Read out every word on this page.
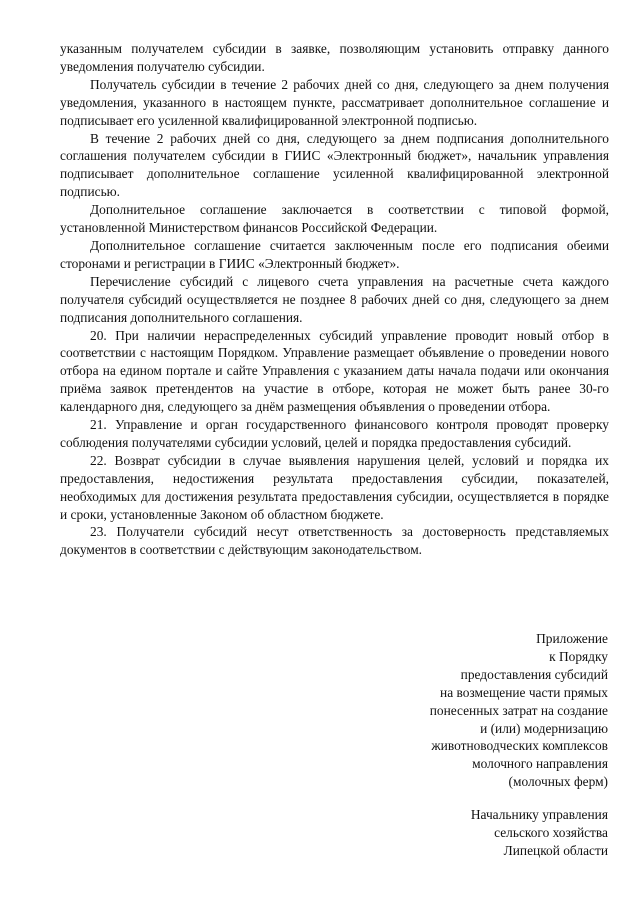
указанным получателем субсидии в заявке, позволяющим установить отправку данного уведомления получателю субсидии.

Получатель субсидии в течение 2 рабочих дней со дня, следующего за днем получения уведомления, указанного в настоящем пункте, рассматривает дополнительное соглашение и подписывает его усиленной квалифицированной электронной подписью.

В течение 2 рабочих дней со дня, следующего за днем подписания дополнительного соглашения получателем субсидии в ГИИС «Электронный бюджет», начальник управления подписывает дополнительное соглашение усиленной квалифицированной электронной подписью.

Дополнительное соглашение заключается в соответствии с типовой формой, установленной Министерством финансов Российской Федерации.

Дополнительное соглашение считается заключенным после его подписания обеими сторонами и регистрации в ГИИС «Электронный бюджет».

Перечисление субсидий с лицевого счета управления на расчетные счета каждого получателя субсидий осуществляется не позднее 8 рабочих дней со дня, следующего за днем подписания дополнительного соглашения.

20. При наличии нераспределенных субсидий управление проводит новый отбор в соответствии с настоящим Порядком. Управление размещает объявление о проведении нового отбора на едином портале и сайте Управления с указанием даты начала подачи или окончания приёма заявок претендентов на участие в отборе, которая не может быть ранее 30-го календарного дня, следующего за днём размещения объявления о проведении отбора.

21. Управление и орган государственного финансового контроля проводят проверку соблюдения получателями субсидии условий, целей и порядка предоставления субсидий.

22. Возврат субсидии в случае выявления нарушения целей, условий и порядка их предоставления, недостижения результата предоставления субсидии, показателей, необходимых для достижения результата предоставления субсидии, осуществляется в порядке и сроки, установленные Законом об областном бюджете.

23. Получатели субсидий несут ответственность за достоверность представляемых документов в соответствии с действующим законодательством.

Приложение
к Порядку
предоставления субсидий
на возмещение части прямых
понесенных затрат на создание
и (или) модернизацию
животноводческих комплексов
молочного направления
(молочных ферм)
Начальнику управления
сельского хозяйства
Липецкой области
